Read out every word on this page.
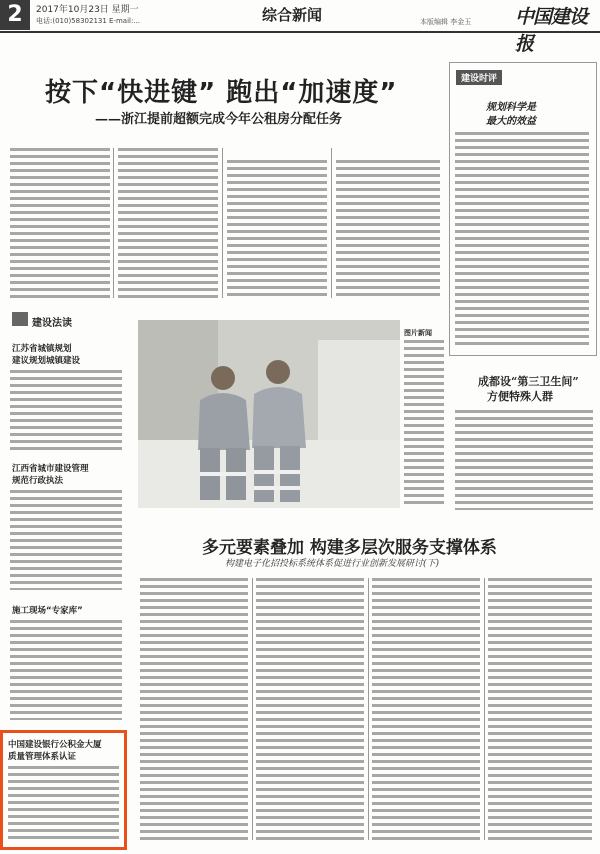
2	2017年10月23日 星期一
电话:(010)58302131 E-mail:...	综合新闻	本版编辑 李金玉 中国建设报
按下“快进键” 跑出“加速度”
——浙江提前超额完成今年公租房分配任务
建设时评
规划科学是
最大的效益
成都设“第三卫生间”
方便特殊人群
建设法读
江苏省城镇规划
建议规划城镇建设
江西省城市建设管理
规范行政执法
施工现场“专家库”
图片新闻
多元要素叠加 构建多层次服务支撑体系
构建电子化招投标系统体系促进行业创新发展研讨(下)
中国建设银行公积金大厦
质量管理体系认证
